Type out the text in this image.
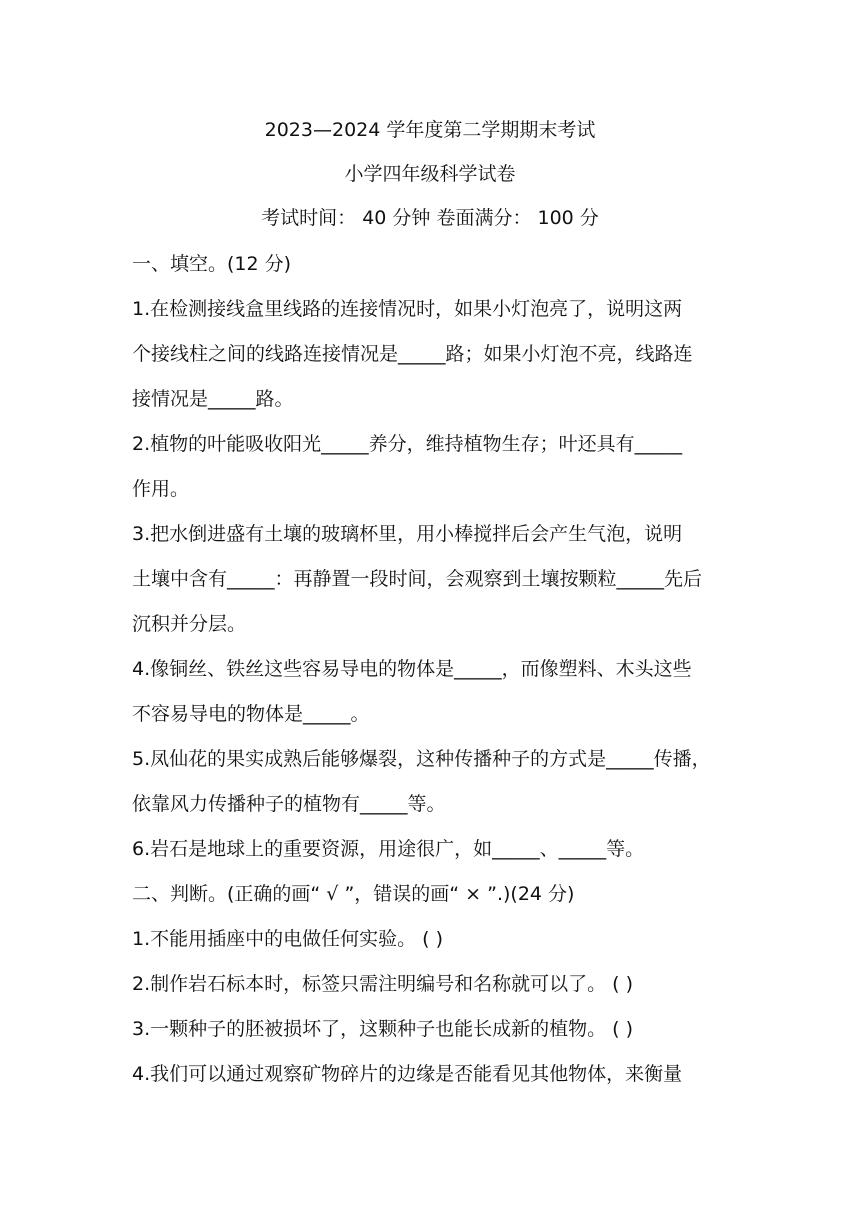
2023—2024 学年度第二学期期末考试
小学四年级科学试卷
考试时间： 40 分钟 卷面满分： 100 分
一、填空。(12 分)
1.在检测接线盒里线路的连接情况时，如果小灯泡亮了，说明这两
个接线柱之间的线路连接情况是_____路；如果小灯泡不亮，线路连
接情况是_____路。
2.植物的叶能吸收阳光_____养分，维持植物生存；叶还具有_____
作用。
3.把水倒进盛有土壤的玻璃杯里，用小棒搅拌后会产生气泡，说明
土壤中含有_____：再静置一段时间，会观察到土壤按颗粒_____先后
沉积并分层。
4.像铜丝、铁丝这些容易导电的物体是_____，而像塑料、木头这些
不容易导电的物体是_____。
5.凤仙花的果实成熟后能够爆裂，这种传播种子的方式是_____传播，
依靠风力传播种子的植物有_____等。
6.岩石是地球上的重要资源，用途很广，如_____、_____等。
二、判断。(正确的画“ √ ”，错误的画“ × ”.)(24 分)
1.不能用插座中的电做任何实验。 ( )
2.制作岩石标本时，标签只需注明编号和名称就可以了。 ( )
3.一颗种子的胚被损坏了，这颗种子也能长成新的植物。 ( )
4.我们可以通过观察矿物碎片的边缘是否能看见其他物体，来衡量
